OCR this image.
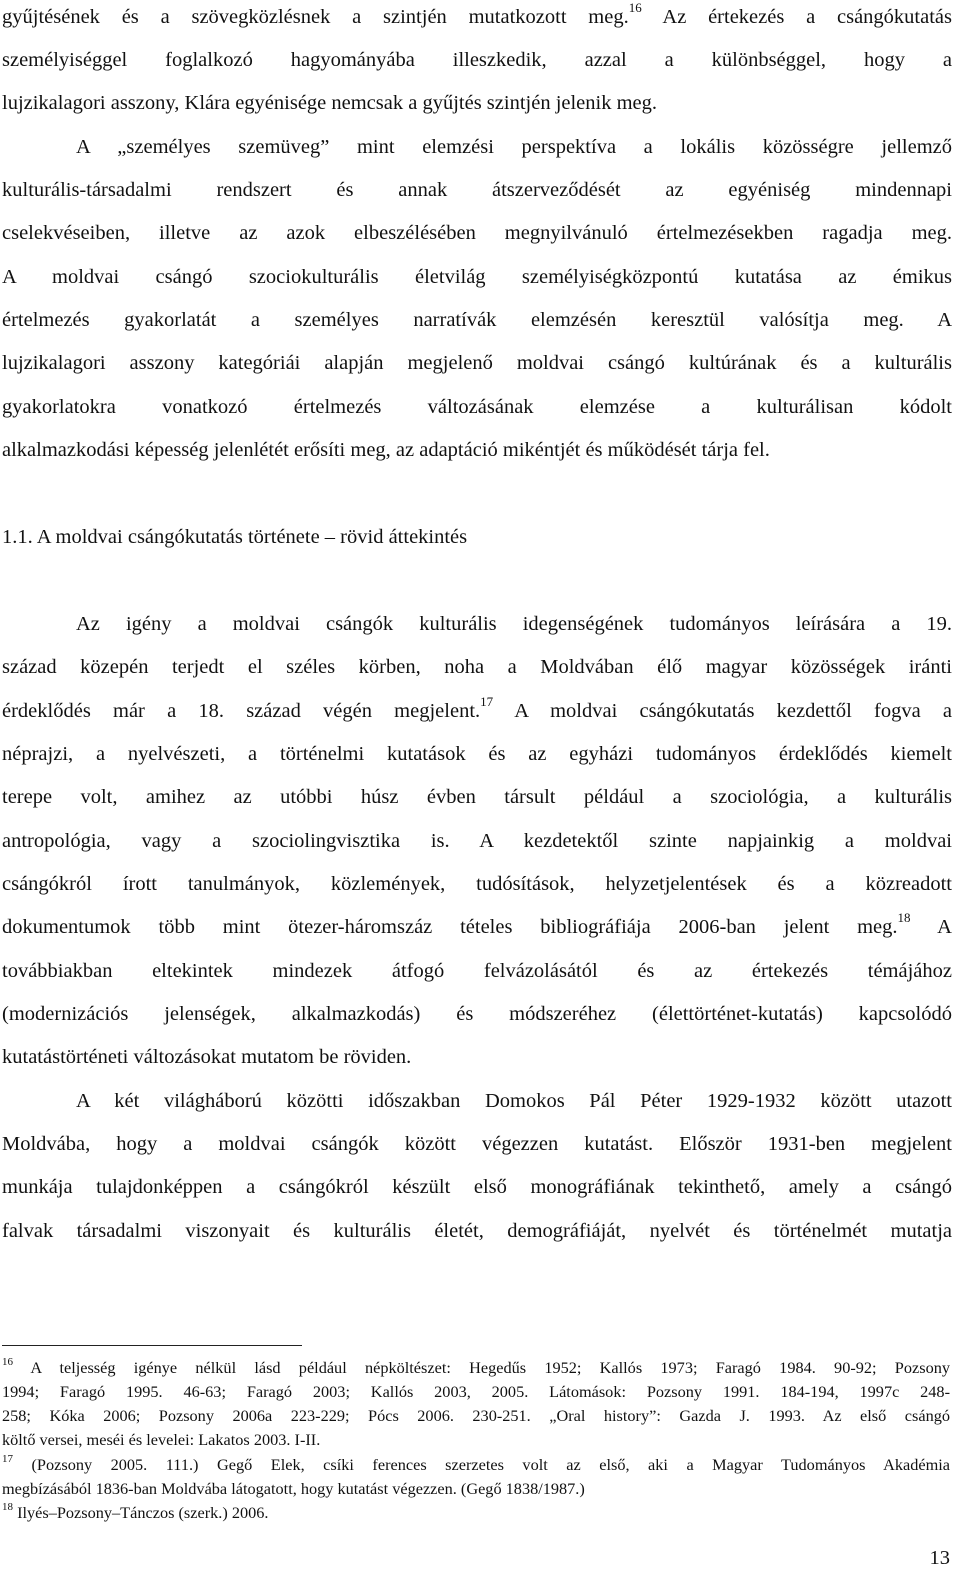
gyűjtésének és a szövegközlésnek a szintjén mutatkozott meg.$^{16}$ Az értekezés a csángókutatás
személyiséggel foglalkozó hagyományába illeszkedik, azzal a különbséggel, hogy a
lujzikalagori asszony, Klára egyénisége nemcsak a gyűjtés szintjén jelenik meg.
A „személyes szemüveg” mint elemzési perspektíva a lokális közösségre jellemző
kulturális-társadalmi rendszert és annak átszerveződését az egyéniség mindennapi
cselekvéseiben, illetve az azok elbeszélésében megnyilvánuló értelmezésekben ragadja meg.
A moldvai csángó szociokulturális életvilág személyiségközpontú kutatása az émikus
értelmezés gyakorlatát a személyes narratívák elemzésén keresztül valósítja meg. A
lujzikalagori asszony kategóriái alapján megjelenő moldvai csángó kultúrának és a kulturális
gyakorlatokra vonatkozó értelmezés változásának elemzése a kulturálisan kódolt
alkalmazkodási képesség jelenlétét erősíti meg, az adaptáció mikéntjét és működését tárja fel.
1.1. A moldvai csángókutatás története – rövid áttekintés
Az igény a moldvai csángók kulturális idegenségének tudományos leírására a 19.
század közepén terjedt el széles körben, noha a Moldvában élő magyar közösségek iránti
érdeklődés már a 18. század végén megjelent.$^{17}$ A moldvai csángókutatás kezdettől fogva a
néprajzi, a nyelvészeti, a történelmi kutatások és az egyházi tudományos érdeklődés kiemelt
terepe volt, amihez az utóbbi húsz évben társult például a szociológia, a kulturális
antropológia, vagy a szociolingvisztika is. A kezdetektől szinte napjainkig a moldvai
csángókról írott tanulmányok, közlemények, tudósítások, helyzetjelentések és a közreadott
dokumentumok több mint ötezer-háromszáz tételes bibliográfiája 2006-ban jelent meg.$^{18}$ A
továbbiakban eltekintek mindezek átfogó felvázolásától és az értekezés témájához
(modernizációs jelenségek, alkalmazkodás) és módszeréhez (élettörténet-kutatás) kapcsolódó
kutatástörténeti változásokat mutatom be röviden.
A két világháború közötti időszakban Domokos Pál Péter 1929-1932 között utazott
Moldvába, hogy a moldvai csángók között végezzen kutatást. Először 1931-ben megjelent
munkája tulajdonképpen a csángókról készült első monográfiának tekinthető, amely a csángó
falvak társadalmi viszonyait és kulturális életét, demográfiáját, nyelvét és történelmét mutatja
$^{16}$ A teljesség igénye nélkül lásd például népköltészet: Hegedűs 1952; Kallós 1973; Faragó 1984. 90-92; Pozsony
1994; Faragó 1995. 46-63; Faragó 2003; Kallós 2003, 2005. Látomások: Pozsony 1991. 184-194, 1997c 248-
258; Kóka 2006; Pozsony 2006a 223-229; Pócs 2006. 230-251. „Oral history”: Gazda J. 1993. Az első csángó
költő versei, meséi és levelei: Lakatos 2003. I-II.
$^{17}$ (Pozsony 2005. 111.) Gegő Elek, csíki ferences szerzetes volt az első, aki a Magyar Tudományos Akadémia
megbízásából 1836-ban Moldvába látogatott, hogy kutatást végezzen. (Gegő 1838/1987.)
$^{18}$ Ilyés–Pozsony–Tánczos (szerk.) 2006.
13
